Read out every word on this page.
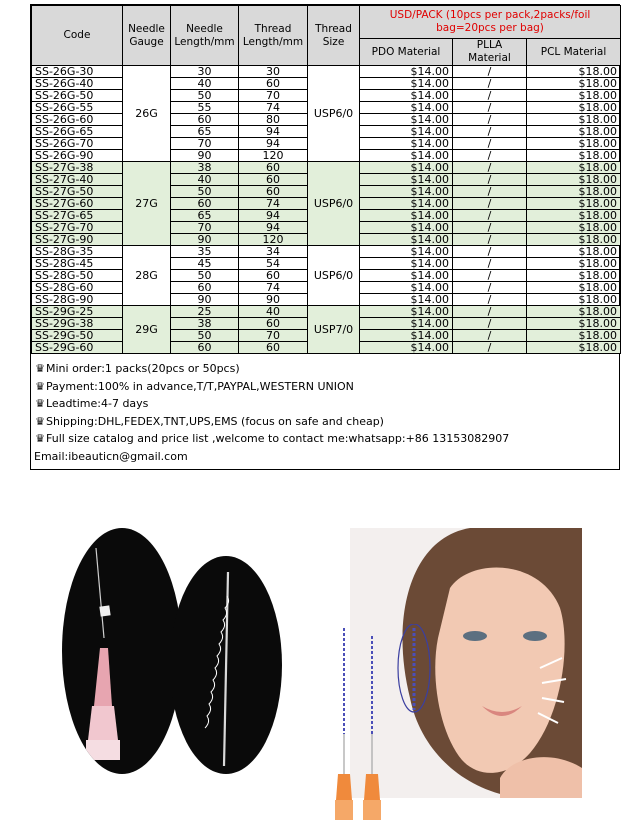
Code	Needle Gauge	Needle Length/mm	Thread Length/mm	Thread Size	USD/PACK (10pcs per pack,2packs/foil bag=20pcs per bag)		
					PDO Material	PLLA Material	PCL Material
SS-26G-30	26G	30	30	USP6/0	$14.00	/	$18.00
SS-26G-40		40	60		$14.00	/	$18.00
SS-26G-50		50	70		$14.00	/	$18.00
SS-26G-55		55	74		$14.00	/	$18.00
SS-26G-60		60	80		$14.00	/	$18.00
SS-26G-65		65	94		$14.00	/	$18.00
SS-26G-70		70	94		$14.00	/	$18.00
SS-26G-90		90	120		$14.00	/	$18.00
SS-27G-38	27G	38	60	USP6/0	$14.00	/	$18.00
SS-27G-40		40	60		$14.00	/	$18.00
SS-27G-50		50	60		$14.00	/	$18.00
SS-27G-60		60	74		$14.00	/	$18.00
SS-27G-65		65	94		$14.00	/	$18.00
SS-27G-70		70	94		$14.00	/	$18.00
SS-27G-90		90	120		$14.00	/	$18.00
SS-28G-35	28G	35	34	USP6/0	$14.00	/	$18.00
SS-28G-45		45	54		$14.00	/	$18.00
SS-28G-50		50	60		$14.00	/	$18.00
SS-28G-60		60	74		$14.00	/	$18.00
SS-28G-90		90	90		$14.00	/	$18.00
SS-29G-25	29G	25	40	USP7/0	$14.00	/	$18.00
SS-29G-38		38	60		$14.00	/	$18.00
SS-29G-50		50	70		$14.00	/	$18.00
SS-29G-60		60	60		$14.00	/	$18.00
♛Mini order:1 packs(20pcs or 50pcs)
♛Payment:100% in advance,T/T,PAYPAL,WESTERN UNION
♛Leadtime:4-7 days
♛Shipping:DHL,FEDEX,TNT,UPS,EMS (focus on safe and cheap)
♛Full size catalog and price list ,welcome to contact me:whatsapp:+86 13153082907
Email:ibeauticn@gmail.com
